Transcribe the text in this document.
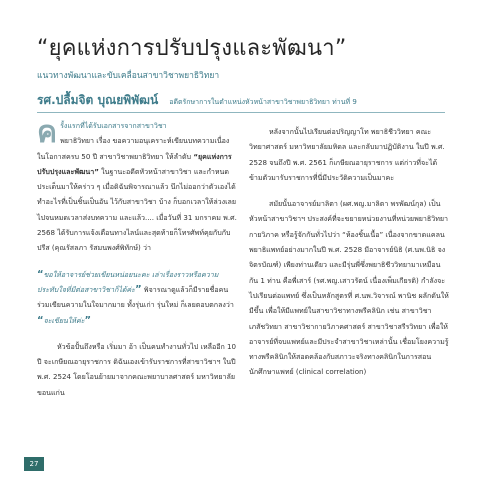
“ยุคแห่งการปรับปรุงและพัฒนา”
แนวทางพัฒนาและขับเคลื่อนสาขาวิชาพยาธิวิทยา
รศ.ปลื้มจิต บุณยพิพัฒน์ อดีตรักษาการในตำแหน่งหัวหน้าสาขาวิชาพยาธิวิทยา ท่านที่ 9

ครั้งแรกที่ได้รับเอกสารจากสาขาวิชา
พยาธิวิทยา เรื่อง ขอความอนุเคราะห์เขียนบทความเนื่องในโอกาสครบ 50 ปี สาขาวิชาพยาธิวิทยา ให้ลำดับ “ยุคแห่งการปรับปรุงและพัฒนา” ในฐานะอดีตหัวหน้าสาขาวิชา และกำหนดประเด็นมาให้คร่าว ๆ เมื่อดิฉันพิจารณาแล้ว นึกไม่ออกว่าตัวเองได้ ทำอะไรที่เป็นชิ้นเป็นอัน ไว้กับสาขาวิชา บ้าง ก็บอกเวลาให้ล่วงเลยไปจนหมดเวลาส่งบทความ และแล้ว.... เมื่อวันที่ 31 มกราคม พ.ศ. 2568 ได้รับการแจ้งเตือนทางไลน์และสุดท้ายก็โทรศัพท์คุยกับกับปรีส (คุณรัสลภา รัสมนพงศ์พิทักษ์) ว่า

“ขอให้อาจารย์ช่วยเขียนหน่อยนะคะ เล่าเรื่องราวหรือความประทับใจที่มีต่อสาขาวิชาก็ได้ค่ะ” พิจารณาดูแล้วก็มีรายชื่อคนร่วมเขียนความในใจมากมาย ทั้งรุ่นเก่า รุ่นใหม่ ก็เลยตอบตกลงว่า “จะเขียนให้ค่ะ”

หัวข้อปั้นถึงหรือ เริ่มมา อ้า เป็นคนทำงานทั่วไป เหลืออีก 10 ปี จะเกษียณอายุราชการ ดิฉันเองเข้ารับราชการที่สาขาวิชาฯ ในปี พ.ศ. 2524 โดยโอนย้ายมาจากคณะพยาบาลศาสตร์ มหาวิทยาลัยขอนแก่น

หลังจากนั้นไปเรียนต่อปริญญาโท พยาธิชีววิทยา คณะวิทยาศาสตร์ มหาวิทยาลัยมหิดล และกลับมาปฏิบัติงาน ในปี พ.ศ. 2528 จนถึงปี พ.ศ. 2561 ก็เกษียณอายุราชการ แต่ก่าวที่จะได้ข้ามตัวมารับราชการที่นี่มีประวัติความเป็นมาคะ

สมัยนั้นอาจารย์มาลิตา (ผศ.พญ.มาลิตา พรพัฒน์กุล) เป็นหัวหน้าสาขาวิชาฯ ประสงค์ที่จะขยายหน่วยงานที่หน่วยพยาธิวิทยากายวิภาค หรือรู้จักกันทั่วไปว่า “ห้องชิ้นเนื้อ” เนื่องจากขาดแคลนพยาธิแพทย์อย่างมากในปี พ.ศ. 2528 มีอาจารย์นิธิ (ศ.นพ.นิธิ จงจิตรบัณฑ์) เพียงท่านเดียว และมีรุ่นพี่ซึ่งพยาธิชีววิทยามาเหมือนกัน 1 ท่าน คือพี่เสาร์ (รศ.พญ.เสาวรัตน์ เนื่องเพ็มเกียรติ) กำลังจะไปเรียนต่อแพทย์ ซึ่งเป็นหลักสูตรที่ ศ.นพ.วิจารณ์ พานิช ผลักดันให้มีขึ้น เพื่อให้มีแพทย์ในสาขาวิชาทางพรีคลินิก เช่น สาขาวิชาเภสัชวิทยา สาขาวิชากายวิภาคศาสตร์ สาขาวิชาสรีรวิทยา เพื่อให้อาจารย์ที่จบแพทย์และมีประจำสาขาวิชาเหล่านั้น เชื่อมโยงความรู้ทางพรีคลินิกให้สอดคล้องกับสภาวะจริงทางคลินิกในการสอนนักศึกษาแพทย์ (clinical correlation)

27
